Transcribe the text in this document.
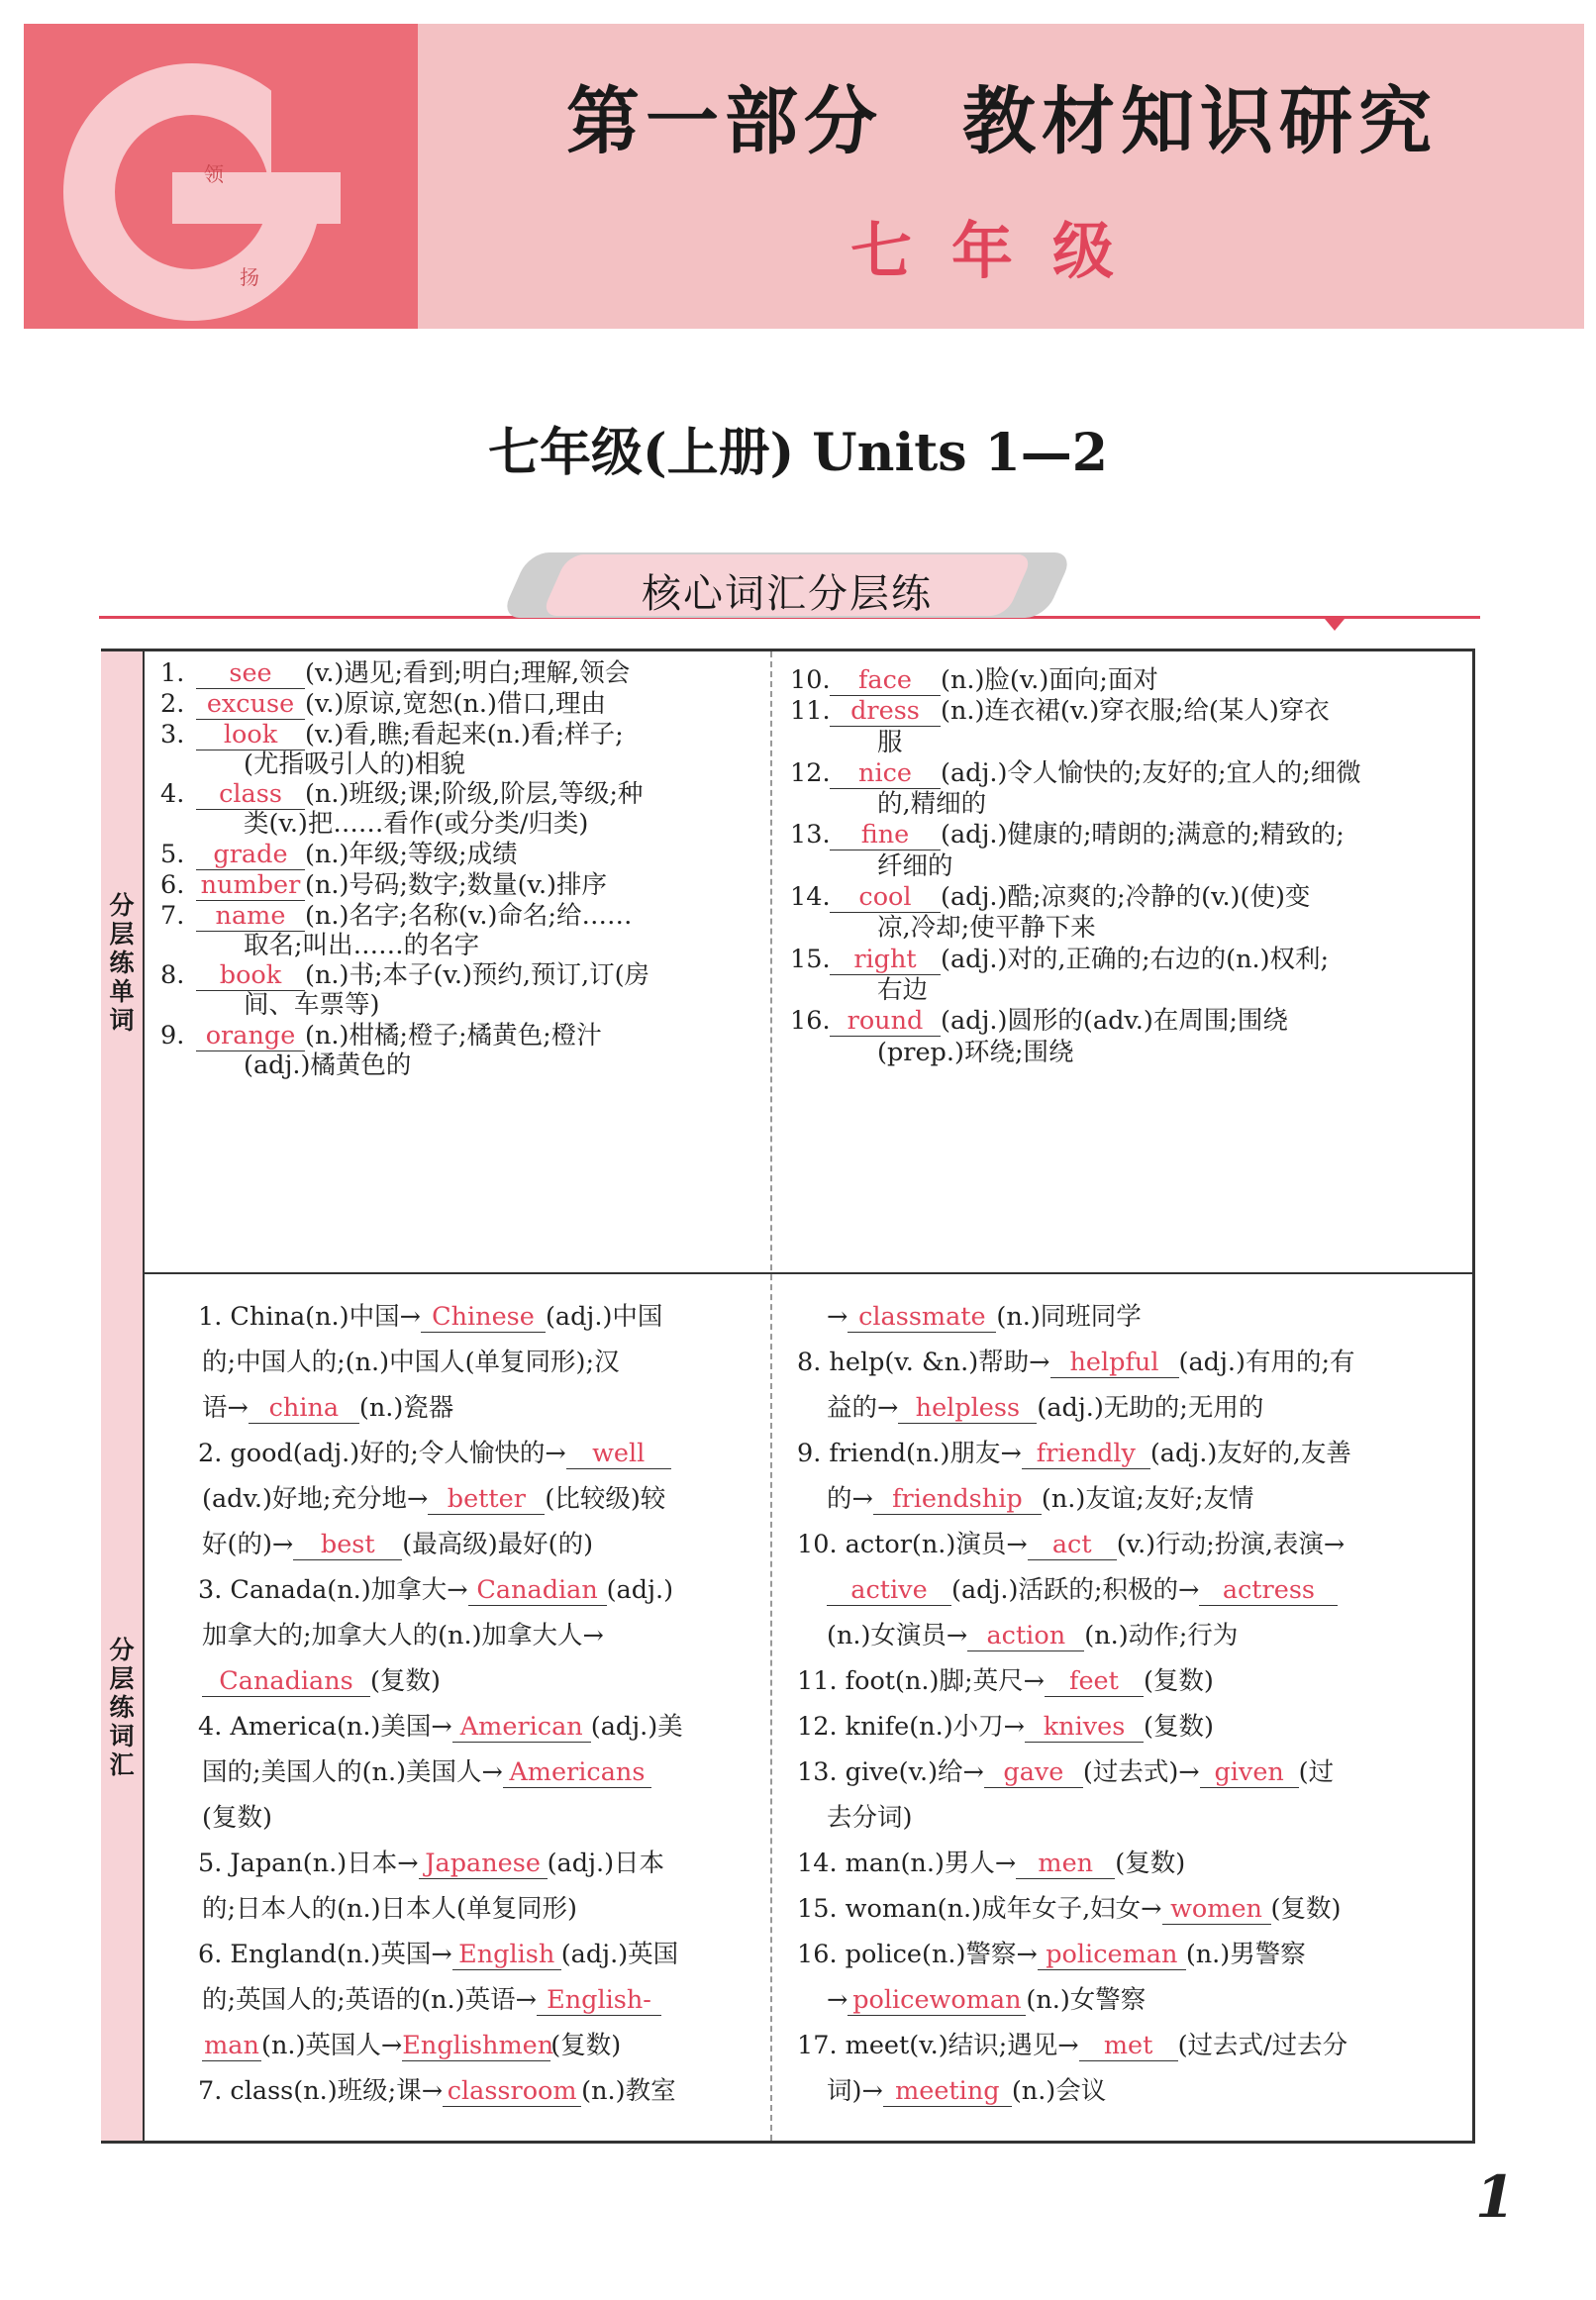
领
扬
第一部分　教材知识研究
七年级
七年级(上册) Units 1—2
核心词汇分层练
分层练单词
分层练词汇
1. see (v.)遇见;看到;明白;理解,领会
2. excuse (v.)原谅,宽恕(n.)借口,理由
3. look (v.)看,瞧;看起来(n.)看;样子;
(尤指吸引人的)相貌
4. class (n.)班级;课;阶级,阶层,等级;种
类(v.)把……看作(或分类/归类)
5. grade (n.)年级;等级;成绩
6. number (n.)号码;数字;数量(v.)排序
7. name (n.)名字;名称(v.)命名;给……
取名;叫出……的名字
8. book (n.)书;本子(v.)预约,预订,订(房
间、车票等)
9. orange (n.)柑橘;橙子;橘黄色;橙汁
(adj.)橘黄色的
10. face (n.)脸(v.)面向;面对
11. dress (n.)连衣裙(v.)穿衣服;给(某人)穿衣
服
12. nice (adj.)令人愉快的;友好的;宜人的;细微
的,精细的
13. fine (adj.)健康的;晴朗的;满意的;精致的;
纤细的
14. cool (adj.)酷;凉爽的;冷静的(v.)(使)变
凉,冷却;使平静下来
15. right (adj.)对的,正确的;右边的(n.)权利;
右边
16. round (adj.)圆形的(adv.)在周围;围绕
(prep.)环绕;围绕
1. China(n.)中国→ Chinese (adj.)中国
的;中国人的;(n.)中国人(单复同形);汉
语→ china (n.)瓷器
2. good(adj.)好的;令人愉快的→ well
(adv.)好地;充分地→ better (比较级)较
好(的)→ best (最高级)最好(的)
3. Canada(n.)加拿大→ Canadian (adj.)
加拿大的;加拿大人的(n.)加拿大人→
Canadians (复数)
4. America(n.)美国→ American (adj.)美
国的;美国人的(n.)美国人→ Americans
(复数)
5. Japan(n.)日本→ Japanese (adj.)日本
的;日本人的(n.)日本人(单复同形)
6. England(n.)英国→ English (adj.)英国
的;英国人的;英语的(n.)英语→ English-
man(n.)英国人→Englishmen(复数)
7. class(n.)班级;课→ classroom (n.)教室
→ classmate (n.)同班同学
8. help(v. &n.)帮助→ helpful (adj.)有用的;有
益的→ helpless (adj.)无助的;无用的
9. friend(n.)朋友→ friendly (adj.)友好的,友善
的→ friendship (n.)友谊;友好;友情
10. actor(n.)演员→ act (v.)行动;扮演,表演→
active (adj.)活跃的;积极的→ actress
(n.)女演员→ action (n.)动作;行为
11. foot(n.)脚;英尺→ feet (复数)
12. knife(n.)小刀→ knives (复数)
13. give(v.)给→ gave (过去式)→ given (过
去分词)
14. man(n.)男人→ men (复数)
15. woman(n.)成年女子,妇女→ women (复数)
16. police(n.)警察→ policeman (n.)男警察
→ policewoman (n.)女警察
17. meet(v.)结识;遇见→ met (过去式/过去分
词)→ meeting (n.)会议
1
